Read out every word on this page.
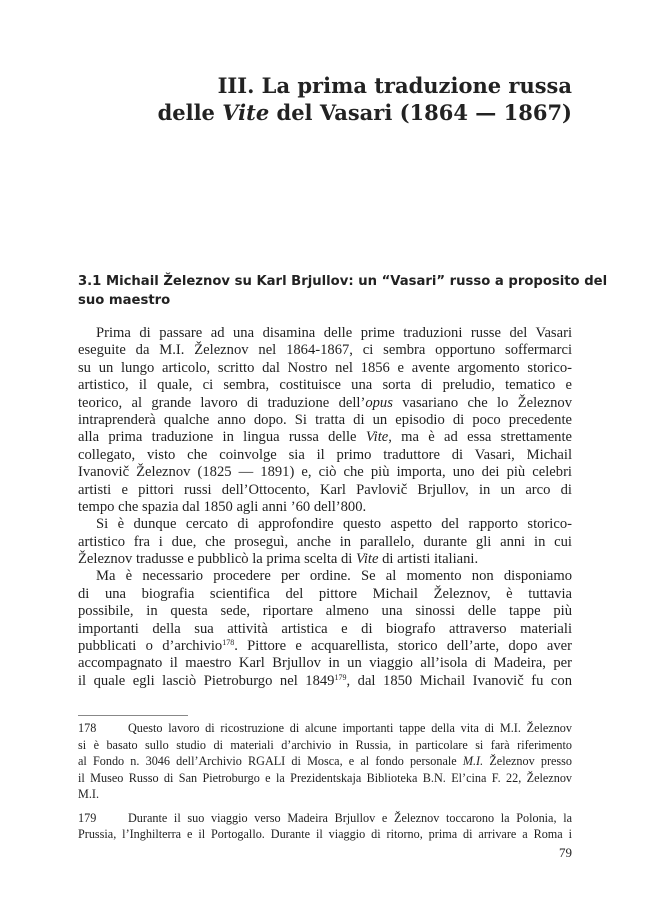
III. La prima traduzione russa
delle Vite del Vasari (1864 — 1867)
3.1 Michail Železnov su Karl Brjullov: un “Vasari” russo a proposito del
suo maestro
Prima di passare ad una disamina delle prime traduzioni russe del Vasari
eseguite da M.I. Železnov nel 1864-1867, ci sembra opportuno soffermarci
su un lungo articolo, scritto dal Nostro nel 1856 e avente argomento storico-
artistico, il quale, ci sembra, costituisce una sorta di preludio, tematico e
teorico, al grande lavoro di traduzione dell’opus vasariano che lo Železnov
intraprenderà qualche anno dopo. Si tratta di un episodio di poco precedente
alla prima traduzione in lingua russa delle Vite, ma è ad essa strettamente
collegato, visto che coinvolge sia il primo traduttore di Vasari, Michail
Ivanovič Železnov (1825 — 1891) e, ciò che più importa, uno dei più celebri
artisti e pittori russi dell’Ottocento, Karl Pavlovič Brjullov, in un arco di
tempo che spazia dal 1850 agli anni ’60 dell’800.
Si è dunque cercato di approfondire questo aspetto del rapporto storico-
artistico fra i due, che proseguì, anche in parallelo, durante gli anni in cui
Železnov tradusse e pubblicò la prima scelta di Vite di artisti italiani.
Ma è necessario procedere per ordine. Se al momento non disponiamo
di una biografia scientifica del pittore Michail Železnov, è tuttavia
possibile, in questa sede, riportare almeno una sinossi delle tappe più
importanti della sua attività artistica e di biografo attraverso materiali
pubblicati o d’archivio$^{178}$. Pittore e acquarellista, storico dell’arte, dopo aver
accompagnato il maestro Karl Brjullov in un viaggio all’isola di Madeira, per
il quale egli lasciò Pietroburgo nel 1849$^{179}$, dal 1850 Michail Ivanovič fu con
178	Questo lavoro di ricostruzione di alcune importanti tappe della vita di M.I. Železnov
si è basato sullo studio di materiali d’archivio in Russia, in particolare si farà riferimento
al Fondo n. 3046 dell’Archivio RGALI di Mosca, e al fondo personale M.I. Železnov presso
il Museo Russo di San Pietroburgo e la Prezidentskaja Biblioteka B.N. El’cina F. 22, Železnov
M.I.
179	Durante il suo viaggio verso Madeira Brjullov e Železnov toccarono la Polonia, la
Prussia, l’Inghilterra e il Portogallo. Durante il viaggio di ritorno, prima di arrivare a Roma i
79
